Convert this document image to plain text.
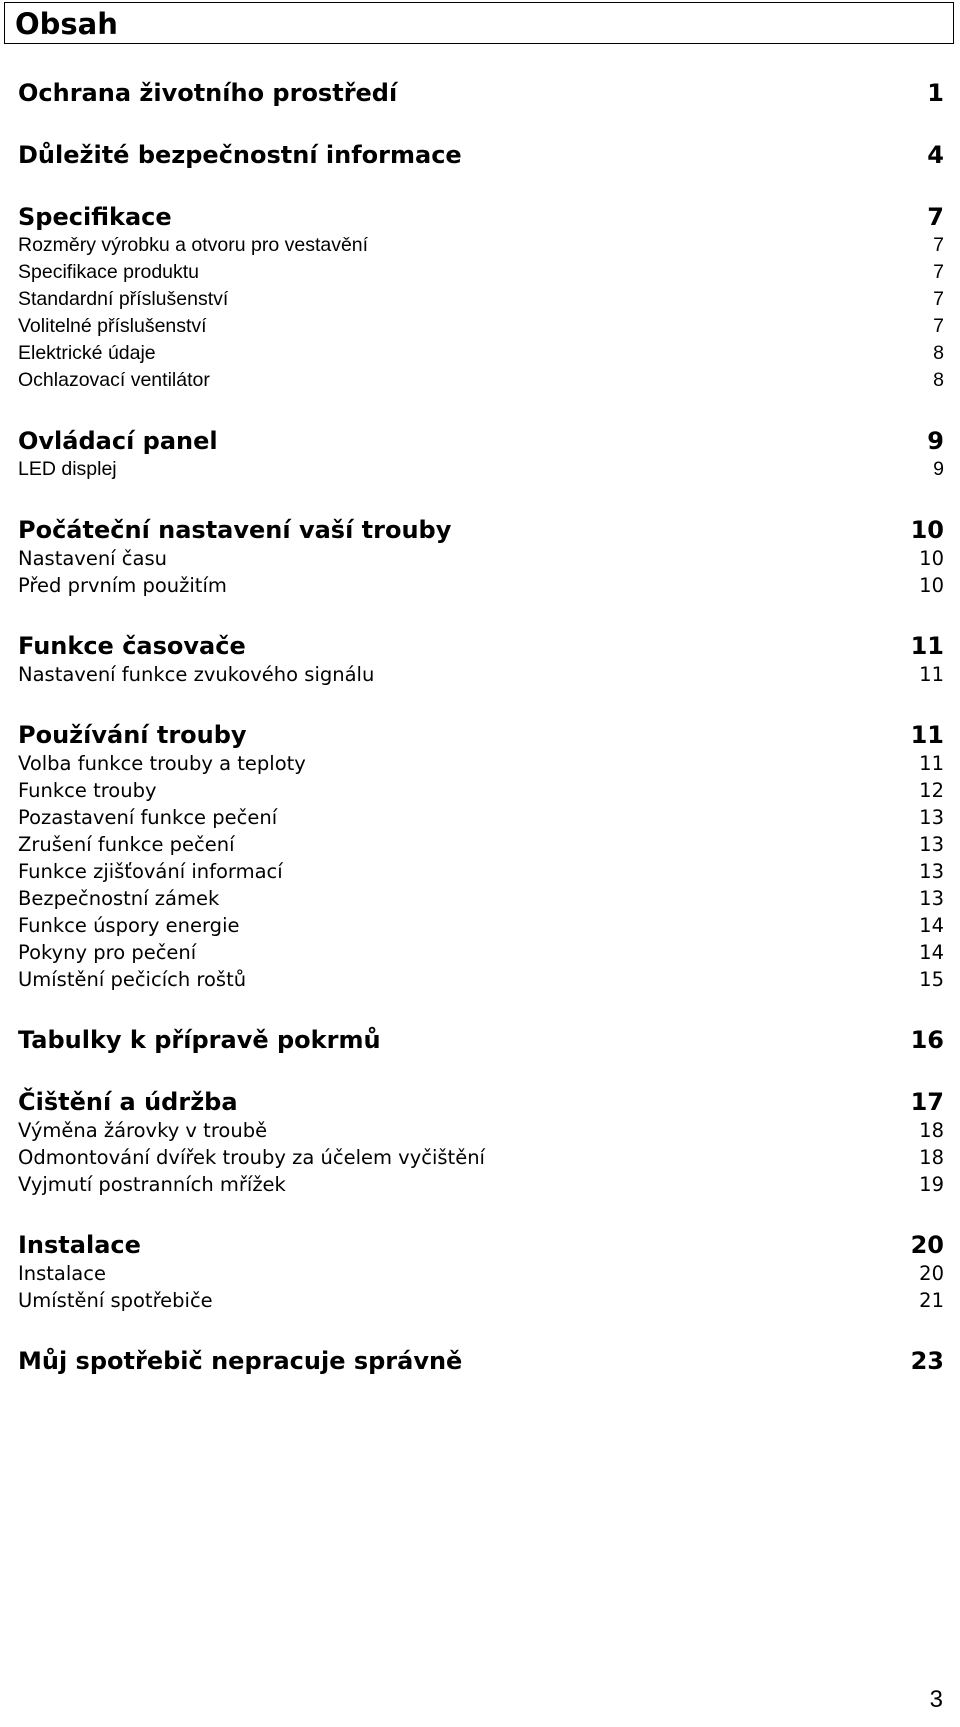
Obsah
Ochrana životního prostředí	1
Důležité bezpečnostní informace	4
Specifikace	7
Rozměry výrobku a otvoru pro vestavění	7
Specifikace produktu	7
Standardní příslušenství	7
Volitelné příslušenství	7
Elektrické údaje	8
Ochlazovací ventilátor	8
Ovládací panel	9
LED displej	9
Počáteční nastavení vaší trouby	10
Nastavení času	10
Před prvním použitím	10
Funkce časovače	11
Nastavení funkce zvukového signálu	11
Používání trouby	11
Volba funkce trouby a teploty	11
Funkce trouby	12
Pozastavení funkce pečení	13
Zrušení funkce pečení	13
Funkce zjišťování informací	13
Bezpečnostní zámek	13
Funkce úspory energie	14
Pokyny pro pečení	14
Umístění pečicích roštů	15
Tabulky k přípravě pokrmů	16
Čištění a údržba	17
Výměna žárovky v troubě	18
Odmontování dvířek trouby za účelem vyčištění	18
Vyjmutí postranních mřížek	19
Instalace	20
Instalace	20
Umístění spotřebiče	21
Můj spotřebič nepracuje správně	23
3
